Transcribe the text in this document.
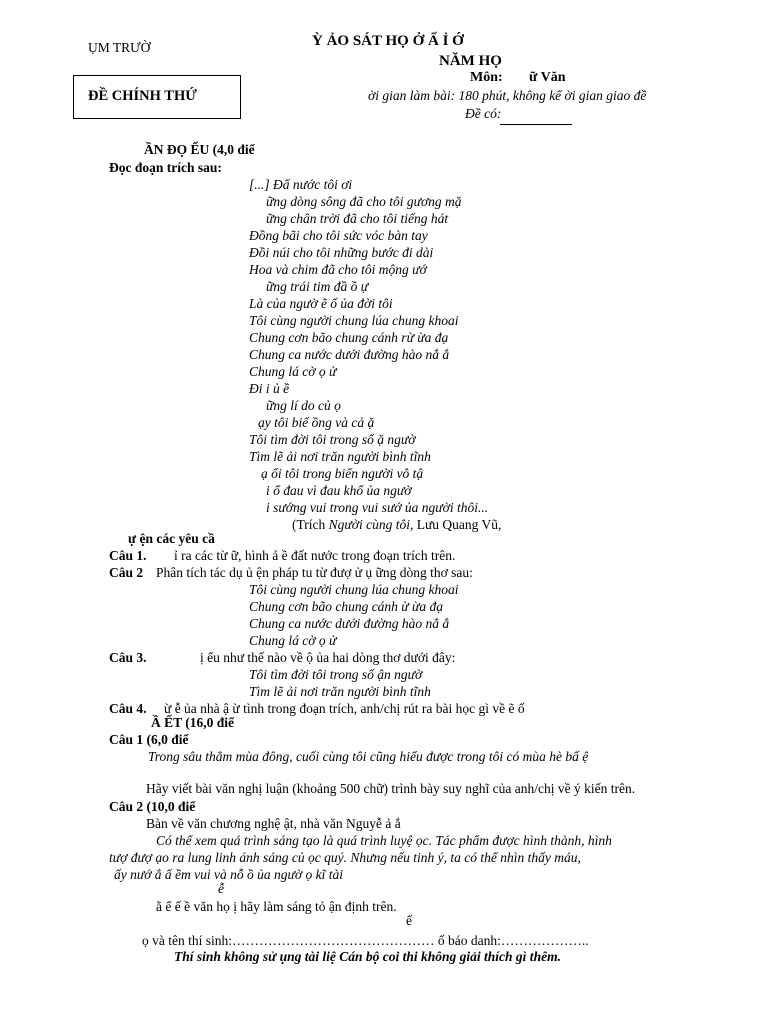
ỤM TRƯỜ	Ỳ ẢO SÁT HỌ Ở Ấ Ỉ Ớ
NĂM HỌ
ĐỀ CHÍNH THỨ
Môn: ữ Văn
ời gian làm bài: 180 phút, không kể ời gian giao đề
Đề có:
ẦN ĐỌ ỂU (4,0 điể
Đọc đoạn trích sau:
[...] Đấ nước tôi ơi
ững dòng sông đã cho tôi gương mặ
ững chân trời đã cho tôi tiếng hát
Đồng bãi cho tôi sức vóc bàn tay
Đồi núi cho tôi những bước đi dài
Hoa và chim đã cho tôi mộng ướ
ững trái tim đầ ồ ự
Là của ngườ ẽ ố ủa đời tôi
Tôi cùng người chung lúa chung khoai
Chung cơn bão chung cánh rừ ừa đạ
Chung ca nước dưới đường hào nắ ắ
Chung lá cờ ọ ử
Đi i ủ ề
ững lí do củ ọ
ạy tôi biế ồng và cả ặ
Tôi tìm đời tôi trong số ặ ngườ
Tìm lẽ ải nơi trăn người bình tĩnh
ạ ổi tôi trong biển người vô tậ
i ổ đau vì đau khổ ủa ngườ
i sướng vui trong vui sướ ủa người thôi...
(Trích Người cùng tôi, Lưu Quang Vũ,
ự ện các yêu cầ
Câu 1. ỉ ra các từ ữ, hình ả ề đất nước trong đoạn trích trên.
Câu 2 Phân tích tác dụ ủ ện pháp tu từ đượ ử ụ ững dòng thơ sau:
Tôi cùng người chung lúa chung khoai
Chung cơn bão chung cánh ừ ừa đạ
Chung ca nước dưới đường hào nắ ắ
Chung lá cờ ọ ử
Câu 3.	ị ểu như thế nào về ộ ủa hai dòng thơ dưới đây:
Tôi tìm đời tôi trong số ận ngườ
Tìm lẽ ải nơi trăn người bình tĩnh
Câu 4. ừ ễ ủa nhà ậ ừ tình trong đoạn trích, anh/chị rút ra bài học gì về ẽ ố
Ầ ẾT (16,0 điể
Câu 1 (6,0 điể
Trong sâu thẳm mùa đông, cuối cùng tôi cũng hiểu được trong tôi có mùa hè bấ ệ
Hãy viết bài văn nghị luận (khoảng 500 chữ) trình bày suy nghĩ của anh/chị về ý kiến trên.
Câu 2 (10,0 điể
Bàn về văn chương nghệ ật, nhà văn Nguyễ ả ắ
Có thể xem quá trình sáng tạo là quá trình luyệ ọc. Tác phẩm được hình thành, hình
tượ đượ ạo ra lung linh ánh sáng củ ọc quý. Nhưng nếu tinh ý, ta có thể nhìn thấy máu,
ấy nướ ắ ấ ềm vui và nỗ ồ ủa ngườ ọ kĩ tài
ễ
ằ ể ế ề văn họ ị hãy làm sáng tỏ ận định trên.
ế
ọ và tên thí sinh:……………………………………… ố báo danh:………………..
Thí sinh không sử ụng tài liệ Cán bộ coi thi không giải thích gì thêm.
